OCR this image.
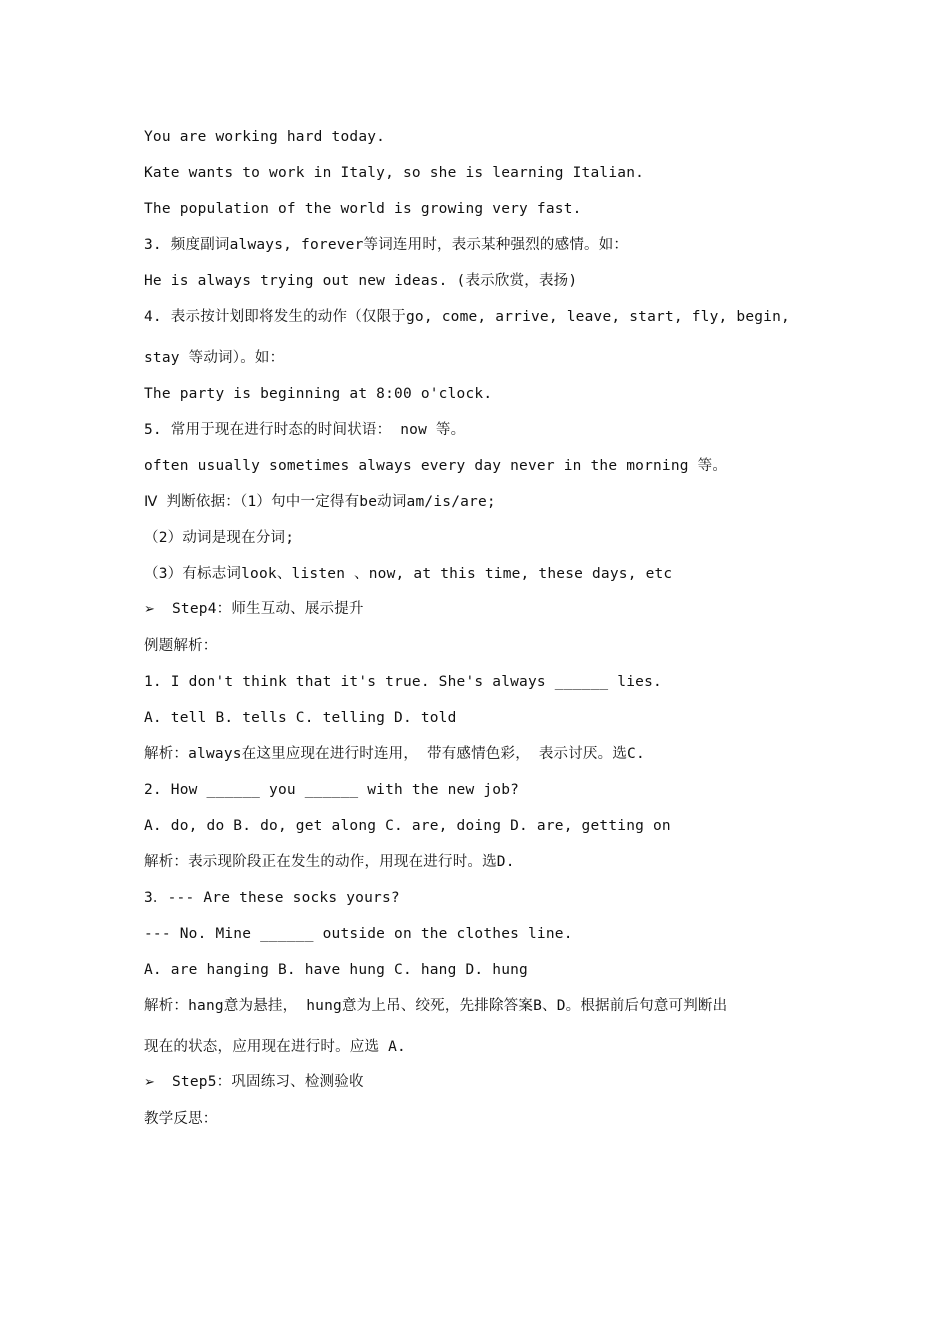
You are working hard today.
Kate wants to work in Italy, so she is learning Italian.
The population of the world is growing very fast.
3. 频度副词always, forever等词连用时，表示某种强烈的感情。如：
He is always trying out new ideas. (表示欣赏，表扬)
4. 表示按计划即将发生的动作（仅限于go, come, arrive, leave, start, fly, begin,
stay 等动词）。如：
The party is beginning at 8:00 o'clock.
5. 常用于现在进行时态的时间状语： now 等。
often usually sometimes always every day never in the morning 等。
Ⅳ 判断依据：（1）句中一定得有be动词am/is/are;
（2）动词是现在分词;
（3）有标志词look、listen 、now, at this time, these days, etc
➢ Step4：师生互动、展示提升
例题解析：
1. I don't think that it's true. She's always ______ lies.
A. tell B. tells C. telling D. told
解析：always在这里应现在进行时连用， 带有感情色彩， 表示讨厌。选C.
2. How ______ you ______ with the new job?
A. do, do B. do, get along C. are, doing D. are, getting on
解析：表示现阶段正在发生的动作，用现在进行时。选D.
3．--- Are these socks yours?
--- No. Mine ______ outside on the clothes line.
A. are hanging B. have hung C. hang D. hung
解析：hang意为悬挂， hung意为上吊、绞死，先排除答案B、D。根据前后句意可判断出
现在的状态，应用现在进行时。应选 A.
➢ Step5：巩固练习、检测验收
教学反思：
